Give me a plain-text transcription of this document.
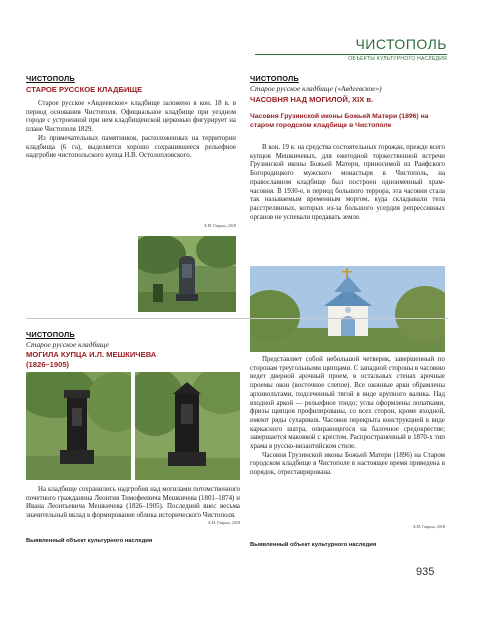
ЧИСТОПОЛЬ
ОБЪЕКТЫ КУЛЬТУРНОГО НАСЛЕДИЯ
ЧИСТОПОЛЬ
СТАРОЕ РУССКОЕ КЛАДБИЩЕ

Старое русское «Авдеевское» кладбище заложено в кон. 18 в. в период основания Чистополя. Официальное кладбище при уездном городе с устроенной при нем кладбищенской церковью фигурирует на плане Чистополя 1829.

Из примечательных памятников, расположенных на территории кладбища (6 га), выделяется хорошо сохранившееся рельефное надгробие чистопольского купца Н.В. Остолопловского.

А.М. Гаврин, 2018
ЧИСТОПОЛЬ
Старое русское кладбище («Авдеевское»)
ЧАСОВНЯ НАД МОГИЛОЙ, XIX в.
Часовня Грузинской иконы Божьей Матери (1896) на старом городском кладбище в Чистополе

В кон. 19 в. на средства состоятельных горожан, прежде всего купцов Мешкичевых, для ежегодной торжественной встречи Грузинской иконы Божьей Матери, приносимой из Раифского Богородицкого мужского монастыря в Чистополь, на православном кладбище был построен одноименный храм-часовня. В 1930-е, в период большого террора, эта часовня стала так называемым временным моргом, куда складывали тела расстрелянных, которых из-за большого усердия репрессивных органов не успевали предавать земле.

ЧИСТОПОЛЬ
Старое русское кладбище
МОГИЛА КУПЦА И.Л. МЕШКИЧЕВА (1826–1905)

На кладбище сохранились надгробия над могилами потомственного почетного гражданина Леонтия Тимофеевича Мешкичева (1801–1874) и Ивана Леонтьевича Мешкичева (1826–1905). Последний внес весьма значительный вклад в формирование облика исторического Чистополя.

А.М. Гаврин, 2018

Представляет собой небольшой четверик, завершенный по сторонам треугольными щипцами. С западной стороны в часовню ведет дверной арочный проем, в остальных стенах арочные проемы окон (восточное слепое). Все оконные арки обрамлены архиволътами, подсеченный тягой в виде крупного валика. Над входной аркой — рельефное тондо; углы оформлены лопатками, фризы щипцов профилированы, со всех сторон, кроме входной, имеют ряды сухариков. Часовня перекрыта конструкцией в виде каркасного шатра, опирающегося на балочное средокрестие; завершается маковкой с крестом. Распространенный в 1870-х тип храма в русско-византийском стиле.

Часовня Грузинской иконы Божьей Матери (1896) на Старом городском кладбище в Чистополе в настоящее время приведена в порядок, отреставрирована.

А.М. Гаврин, 2018
Выявленный объект культурного наследия
Выявленный объект культурного наследия
935
